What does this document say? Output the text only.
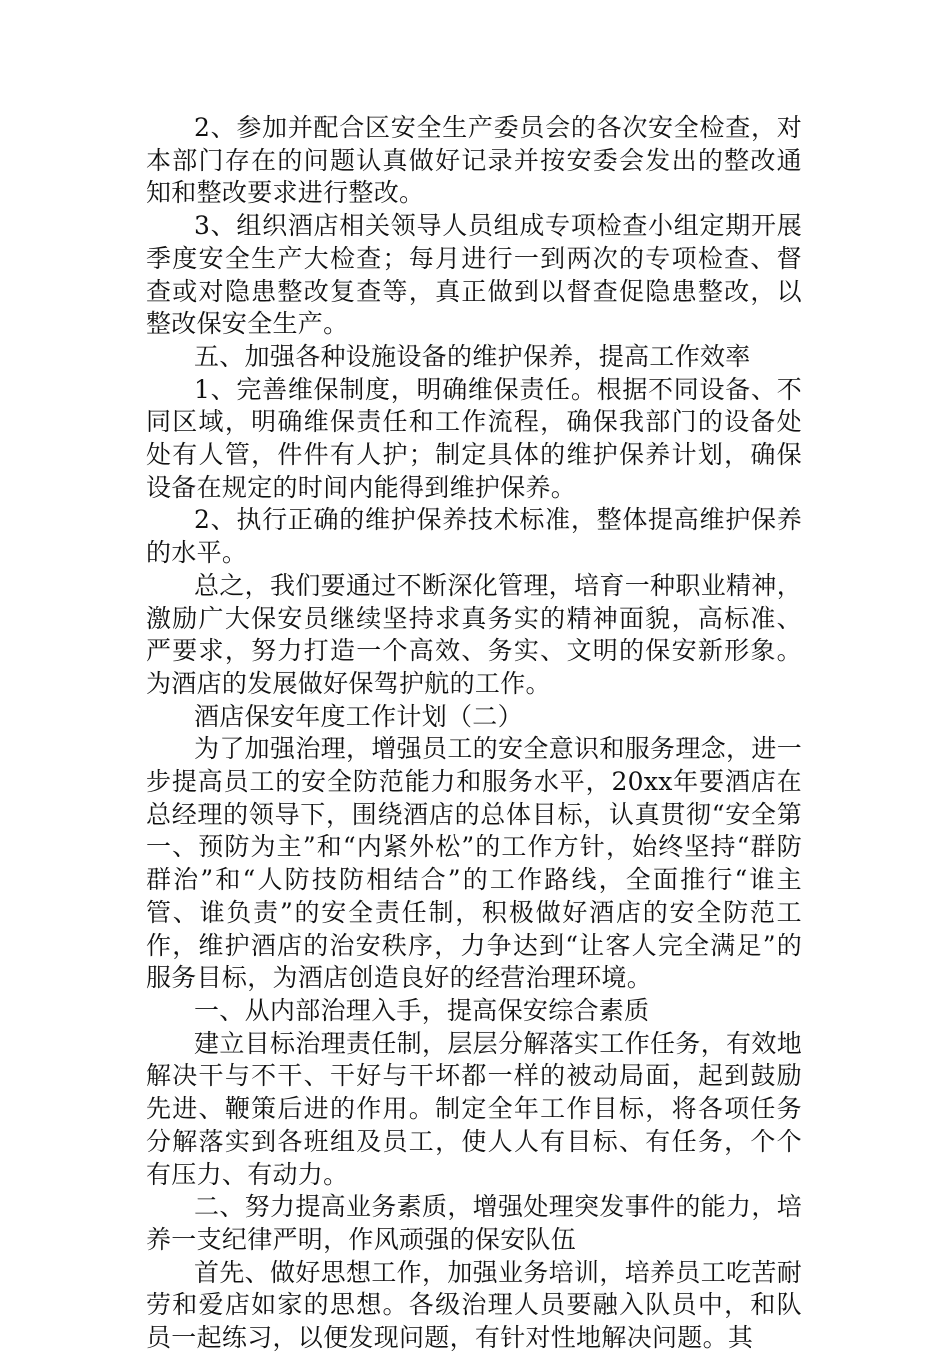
2、参加并配合区安全生产委员会的各次安全检查，对本部门存在的问题认真做好记录并按安委会发出的整改通知和整改要求进行整改。

3、组织酒店相关领导人员组成专项检查小组定期开展季度安全生产大检查；每月进行一到两次的专项检查、督查或对隐患整改复查等，真正做到以督查促隐患整改，以整改保安全生产。

五、加强各种设施设备的维护保养，提高工作效率

1、完善维保制度，明确维保责任。根据不同设备、不同区域，明确维保责任和工作流程，确保我部门的设备处处有人管，件件有人护；制定具体的维护保养计划，确保设备在规定的时间内能得到维护保养。

2、执行正确的维护保养技术标准，整体提高维护保养的水平。

总之，我们要通过不断深化管理，培育一种职业精神，激励广大保安员继续坚持求真务实的精神面貌，高标准、严要求，努力打造一个高效、务实、文明的保安新形象。为酒店的发展做好保驾护航的工作。

酒店保安年度工作计划（二）

为了加强治理，增强员工的安全意识和服务理念，进一步提高员工的安全防范能力和服务水平，20xx年要酒店在总经理的领导下，围绕酒店的总体目标，认真贯彻“安全第一、预防为主”和“内紧外松”的工作方针，始终坚持“群防群治”和“人防技防相结合”的工作路线，全面推行“谁主管、谁负责”的安全责任制，积极做好酒店的安全防范工作，维护酒店的治安秩序，力争达到“让客人完全满足”的服务目标，为酒店创造良好的经营治理环境。

一、从内部治理入手，提高保安综合素质

建立目标治理责任制，层层分解落实工作任务，有效地解决干与不干、干好与干坏都一样的被动局面，起到鼓励先进、鞭策后进的作用。制定全年工作目标，将各项任务分解落实到各班组及员工，使人人有目标、有任务，个个有压力、有动力。

二、努力提高业务素质，增强处理突发事件的能力，培养一支纪律严明，作风顽强的保安队伍

首先、做好思想工作，加强业务培训，培养员工吃苦耐劳和爱店如家的思想。各级治理人员要融入队员中，和队员一起练习，以便发现问题，有针对性地解决问题。其
